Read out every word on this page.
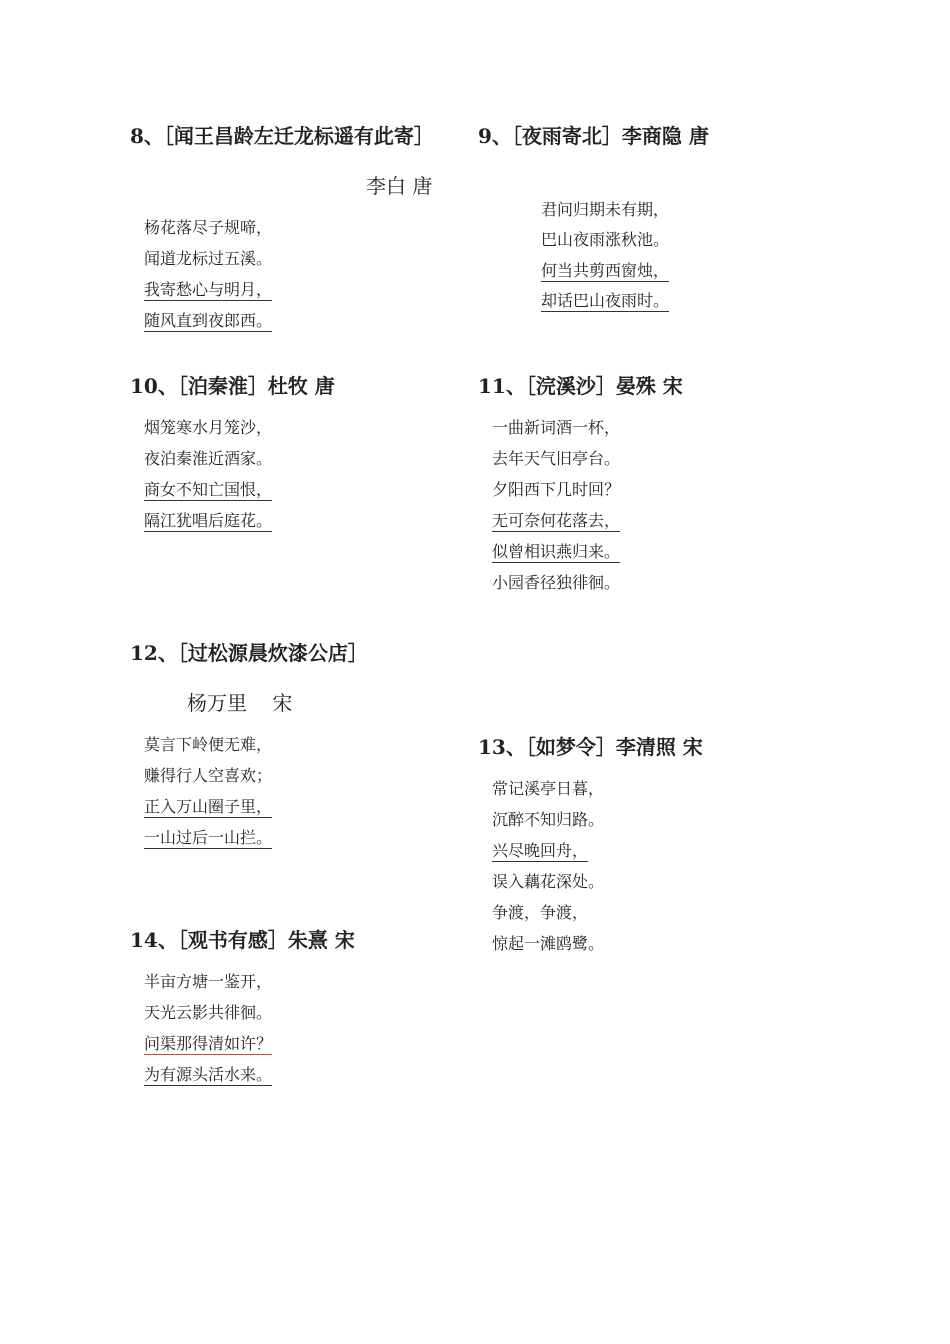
8、［闻王昌龄左迁龙标遥有此寄］
李白 唐
杨花落尽子规啼，
闻道龙标过五溪。
我寄愁心与明月，
随风直到夜郎西。
9、［夜雨寄北］李商隐 唐
君问归期未有期，
巴山夜雨涨秋池。
何当共剪西窗烛，
却话巴山夜雨时。
10、［泊秦淮］杜牧 唐
烟笼寒水月笼沙，
夜泊秦淮近酒家。
商女不知亡国恨，
隔江犹唱后庭花。
11、［浣溪沙］晏殊 宋
一曲新词酒一杯，
去年天气旧亭台。
夕阳西下几时回？
无可奈何花落去，
似曾相识燕归来。
小园香径独徘徊。
12、［过松源晨炊漆公店］
杨万里    宋
莫言下岭便无难，
赚得行人空喜欢；
正入万山圈子里，
一山过后一山拦。
13、［如梦令］李清照 宋
常记溪亭日暮，
沉醉不知归路。
兴尽晚回舟，
误入藕花深处。
争渡，争渡，
惊起一滩鸥鹭。
14、［观书有感］朱熹 宋
半亩方塘一鉴开，
天光云影共徘徊。
问渠那得清如许？
为有源头活水来。
